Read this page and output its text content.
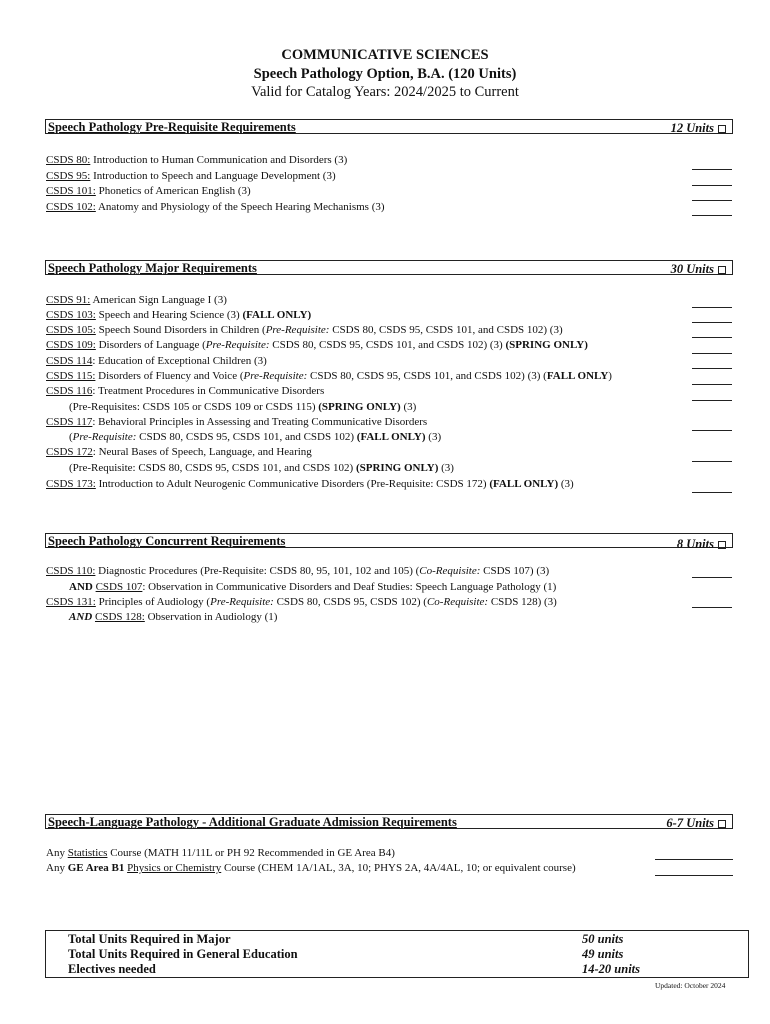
COMMUNICATIVE SCIENCES
Speech Pathology Option, B.A. (120 Units)
Valid for Catalog Years: 2024/2025 to Current
Speech Pathology Pre-Requisite Requirements	12 Units
CSDS 80: Introduction to Human Communication and Disorders (3)
CSDS 95: Introduction to Speech and Language Development (3)
CSDS 101: Phonetics of American English (3)
CSDS 102: Anatomy and Physiology of the Speech Hearing Mechanisms (3)
Speech Pathology Major Requirements	30 Units
CSDS 91: American Sign Language I (3)
CSDS 103: Speech and Hearing Science (3) (FALL ONLY)
CSDS 105: Speech Sound Disorders in Children (Pre-Requisite: CSDS 80, CSDS 95, CSDS 101, and CSDS 102) (3)
CSDS 109: Disorders of Language (Pre-Requisite: CSDS 80, CSDS 95, CSDS 101, and CSDS 102) (3) (SPRING ONLY)
CSDS 114: Education of Exceptional Children (3)
CSDS 115: Disorders of Fluency and Voice (Pre-Requisite: CSDS 80, CSDS 95, CSDS 101, and CSDS 102) (3) (FALL ONLY)
CSDS 116: Treatment Procedures in Communicative Disorders
(Pre-Requisites: CSDS 105 or CSDS 109 or CSDS 115) (SPRING ONLY) (3)
CSDS 117: Behavioral Principles in Assessing and Treating Communicative Disorders
(Pre-Requisite: CSDS 80, CSDS 95, CSDS 101, and CSDS 102) (FALL ONLY) (3)
CSDS 172: Neural Bases of Speech, Language, and Hearing
(Pre-Requisite: CSDS 80, CSDS 95, CSDS 101, and CSDS 102) (SPRING ONLY) (3)
CSDS 173: Introduction to Adult Neurogenic Communicative Disorders (Pre-Requisite: CSDS 172) (FALL ONLY) (3)
Speech Pathology Concurrent Requirements	8 Units
CSDS 110: Diagnostic Procedures (Pre-Requisite: CSDS 80, 95, 101, 102 and 105) (Co-Requisite: CSDS 107) (3)
AND CSDS 107: Observation in Communicative Disorders and Deaf Studies: Speech Language Pathology (1)
CSDS 131: Principles of Audiology (Pre-Requisite: CSDS 80, CSDS 95, CSDS 102) (Co-Requisite: CSDS 128) (3)
AND CSDS 128: Observation in Audiology (1)
Speech-Language Pathology - Additional Graduate Admission Requirements	6-7 Units
Any Statistics Course (MATH 11/11L or PH 92 Recommended in GE Area B4)
Any GE Area B1 Physics or Chemistry Course (CHEM 1A/1AL, 3A, 10; PHYS 2A, 4A/4AL, 10; or equivalent course)
Total Units Required in Major	50 units
Total Units Required in General Education	49 units
Electives needed	14-20 units
Updated: October 2024
